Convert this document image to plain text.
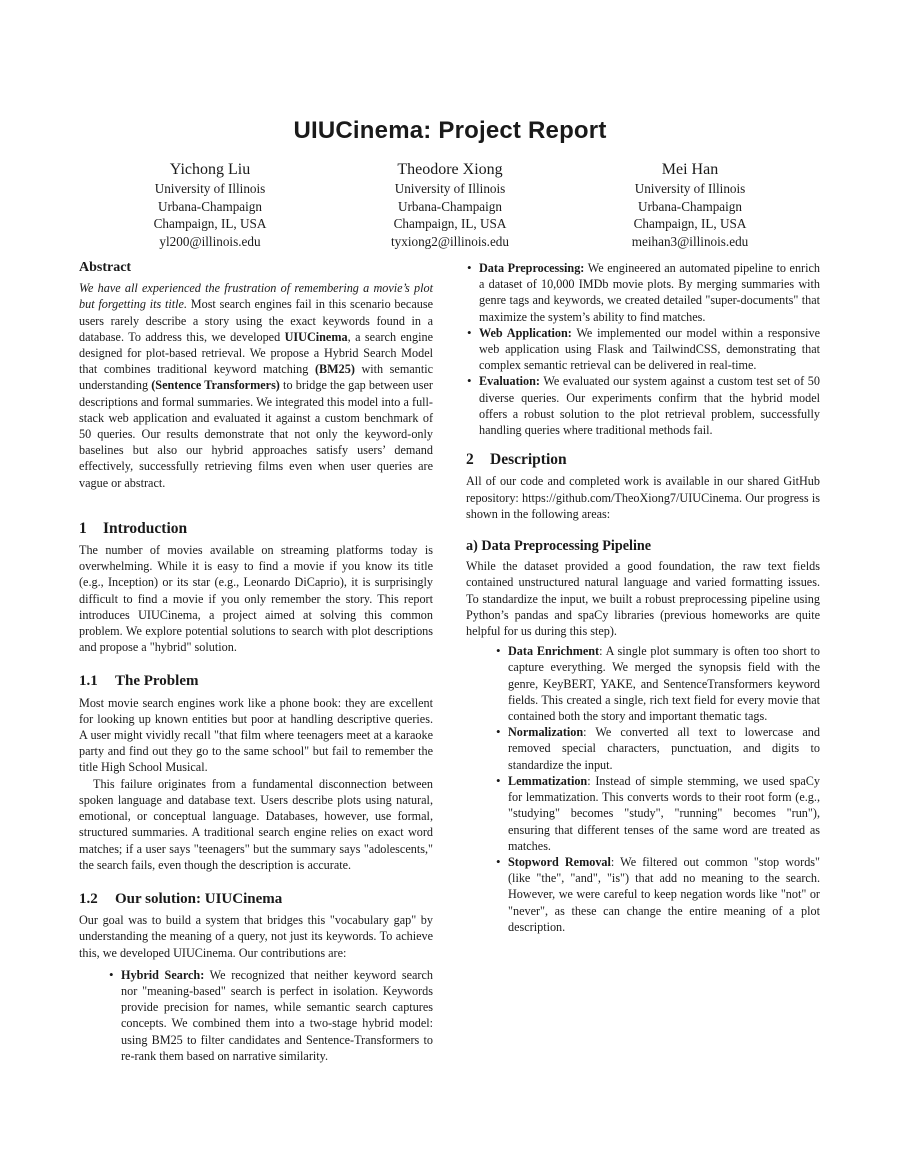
UIUCinema: Project Report
Yichong Liu
University of Illinois
Urbana-Champaign
Champaign, IL, USA
yl200@illinois.edu
Theodore Xiong
University of Illinois
Urbana-Champaign
Champaign, IL, USA
tyxiong2@illinois.edu
Mei Han
University of Illinois
Urbana-Champaign
Champaign, IL, USA
meihan3@illinois.edu
Abstract

We have all experienced the frustration of remembering a movie’s plot but forgetting its title. Most search engines fail in this scenario because users rarely describe a story using the exact keywords found in a database. To address this, we developed UIUCinema, a search engine designed for plot-based retrieval. We propose a Hybrid Search Model that combines traditional keyword matching (BM25) with semantic understanding (Sentence Transformers) to bridge the gap between user descriptions and formal summaries. We integrated this model into a full-stack web application and evaluated it against a custom benchmark of 50 queries. Our results demonstrate that not only the keyword-only baselines but also our hybrid approaches satisfy users’ demand effectively, successfully retrieving films even when user queries are vague or abstract.

1 Introduction

The number of movies available on streaming platforms today is overwhelming. While it is easy to find a movie if you know its title (e.g., Inception) or its star (e.g., Leonardo DiCaprio), it is surprisingly difficult to find a movie if you only remember the story. This report introduces UIUCinema, a project aimed at solving this common problem. We explore potential solutions to search with plot descriptions and propose a "hybrid" solution.

1.1 The Problem

Most movie search engines work like a phone book: they are excellent for looking up known entities but poor at handling descriptive queries. A user might vividly recall "that film where teenagers meet at a karaoke party and find out they go to the same school" but fail to remember the title High School Musical.

This failure originates from a fundamental disconnection between spoken language and database text. Users describe plots using natural, emotional, or conceptual language. Databases, however, use formal, structured summaries. A traditional search engine relies on exact word matches; if a user says "teenagers" but the summary says "adolescents," the search fails, even though the description is accurate.

1.2 Our solution: UIUCinema

Our goal was to build a system that bridges this "vocabulary gap" by understanding the meaning of a query, not just its keywords. To achieve this, we developed UIUCinema. Our contributions are:

• Hybrid Search: We recognized that neither keyword search nor "meaning-based" search is perfect in isolation. Keywords provide precision for names, while semantic search captures concepts. We combined them into a two-stage hybrid model: using BM25 to filter candidates and Sentence-Transformers to re-rank them based on narrative similarity.
• Data Preprocessing: We engineered an automated pipeline to enrich a dataset of 10,000 IMDb movie plots. By merging summaries with genre tags and keywords, we created detailed "super-documents" that maximize the system’s ability to find matches.
• Web Application: We implemented our model within a responsive web application using Flask and TailwindCSS, demonstrating that complex semantic retrieval can be delivered in real-time.
• Evaluation: We evaluated our system against a custom test set of 50 diverse queries. Our experiments confirm that the hybrid model offers a robust solution to the plot retrieval problem, successfully handling queries where traditional methods fail.
2 Description

All of our code and completed work is available in our shared GitHub repository: https://github.com/TheoXiong7/UIUCinema. Our progress is shown in the following areas:

a) Data Preprocessing Pipeline

While the dataset provided a good foundation, the raw text fields contained unstructured natural language and varied formatting issues. To standardize the input, we built a robust preprocessing pipeline using Python’s pandas and spaCy libraries (previous homeworks are quite helpful for us during this step).

• Data Enrichment: A single plot summary is often too short to capture everything. We merged the synopsis field with the genre, KeyBERT, YAKE, and SentenceTransformers keyword fields. This created a single, rich text field for every movie that contained both the story and important thematic tags.
• Normalization: We converted all text to lowercase and removed special characters, punctuation, and digits to standardize the input.
• Lemmatization: Instead of simple stemming, we used spaCy for lemmatization. This converts words to their root form (e.g., "studying" becomes "study", "running" becomes "run"), ensuring that different tenses of the same word are treated as matches.
• Stopword Removal: We filtered out common "stop words" (like "the", "and", "is") that add no meaning to the search. However, we were careful to keep negation words like "not" or "never", as these can change the entire meaning of a plot description.
